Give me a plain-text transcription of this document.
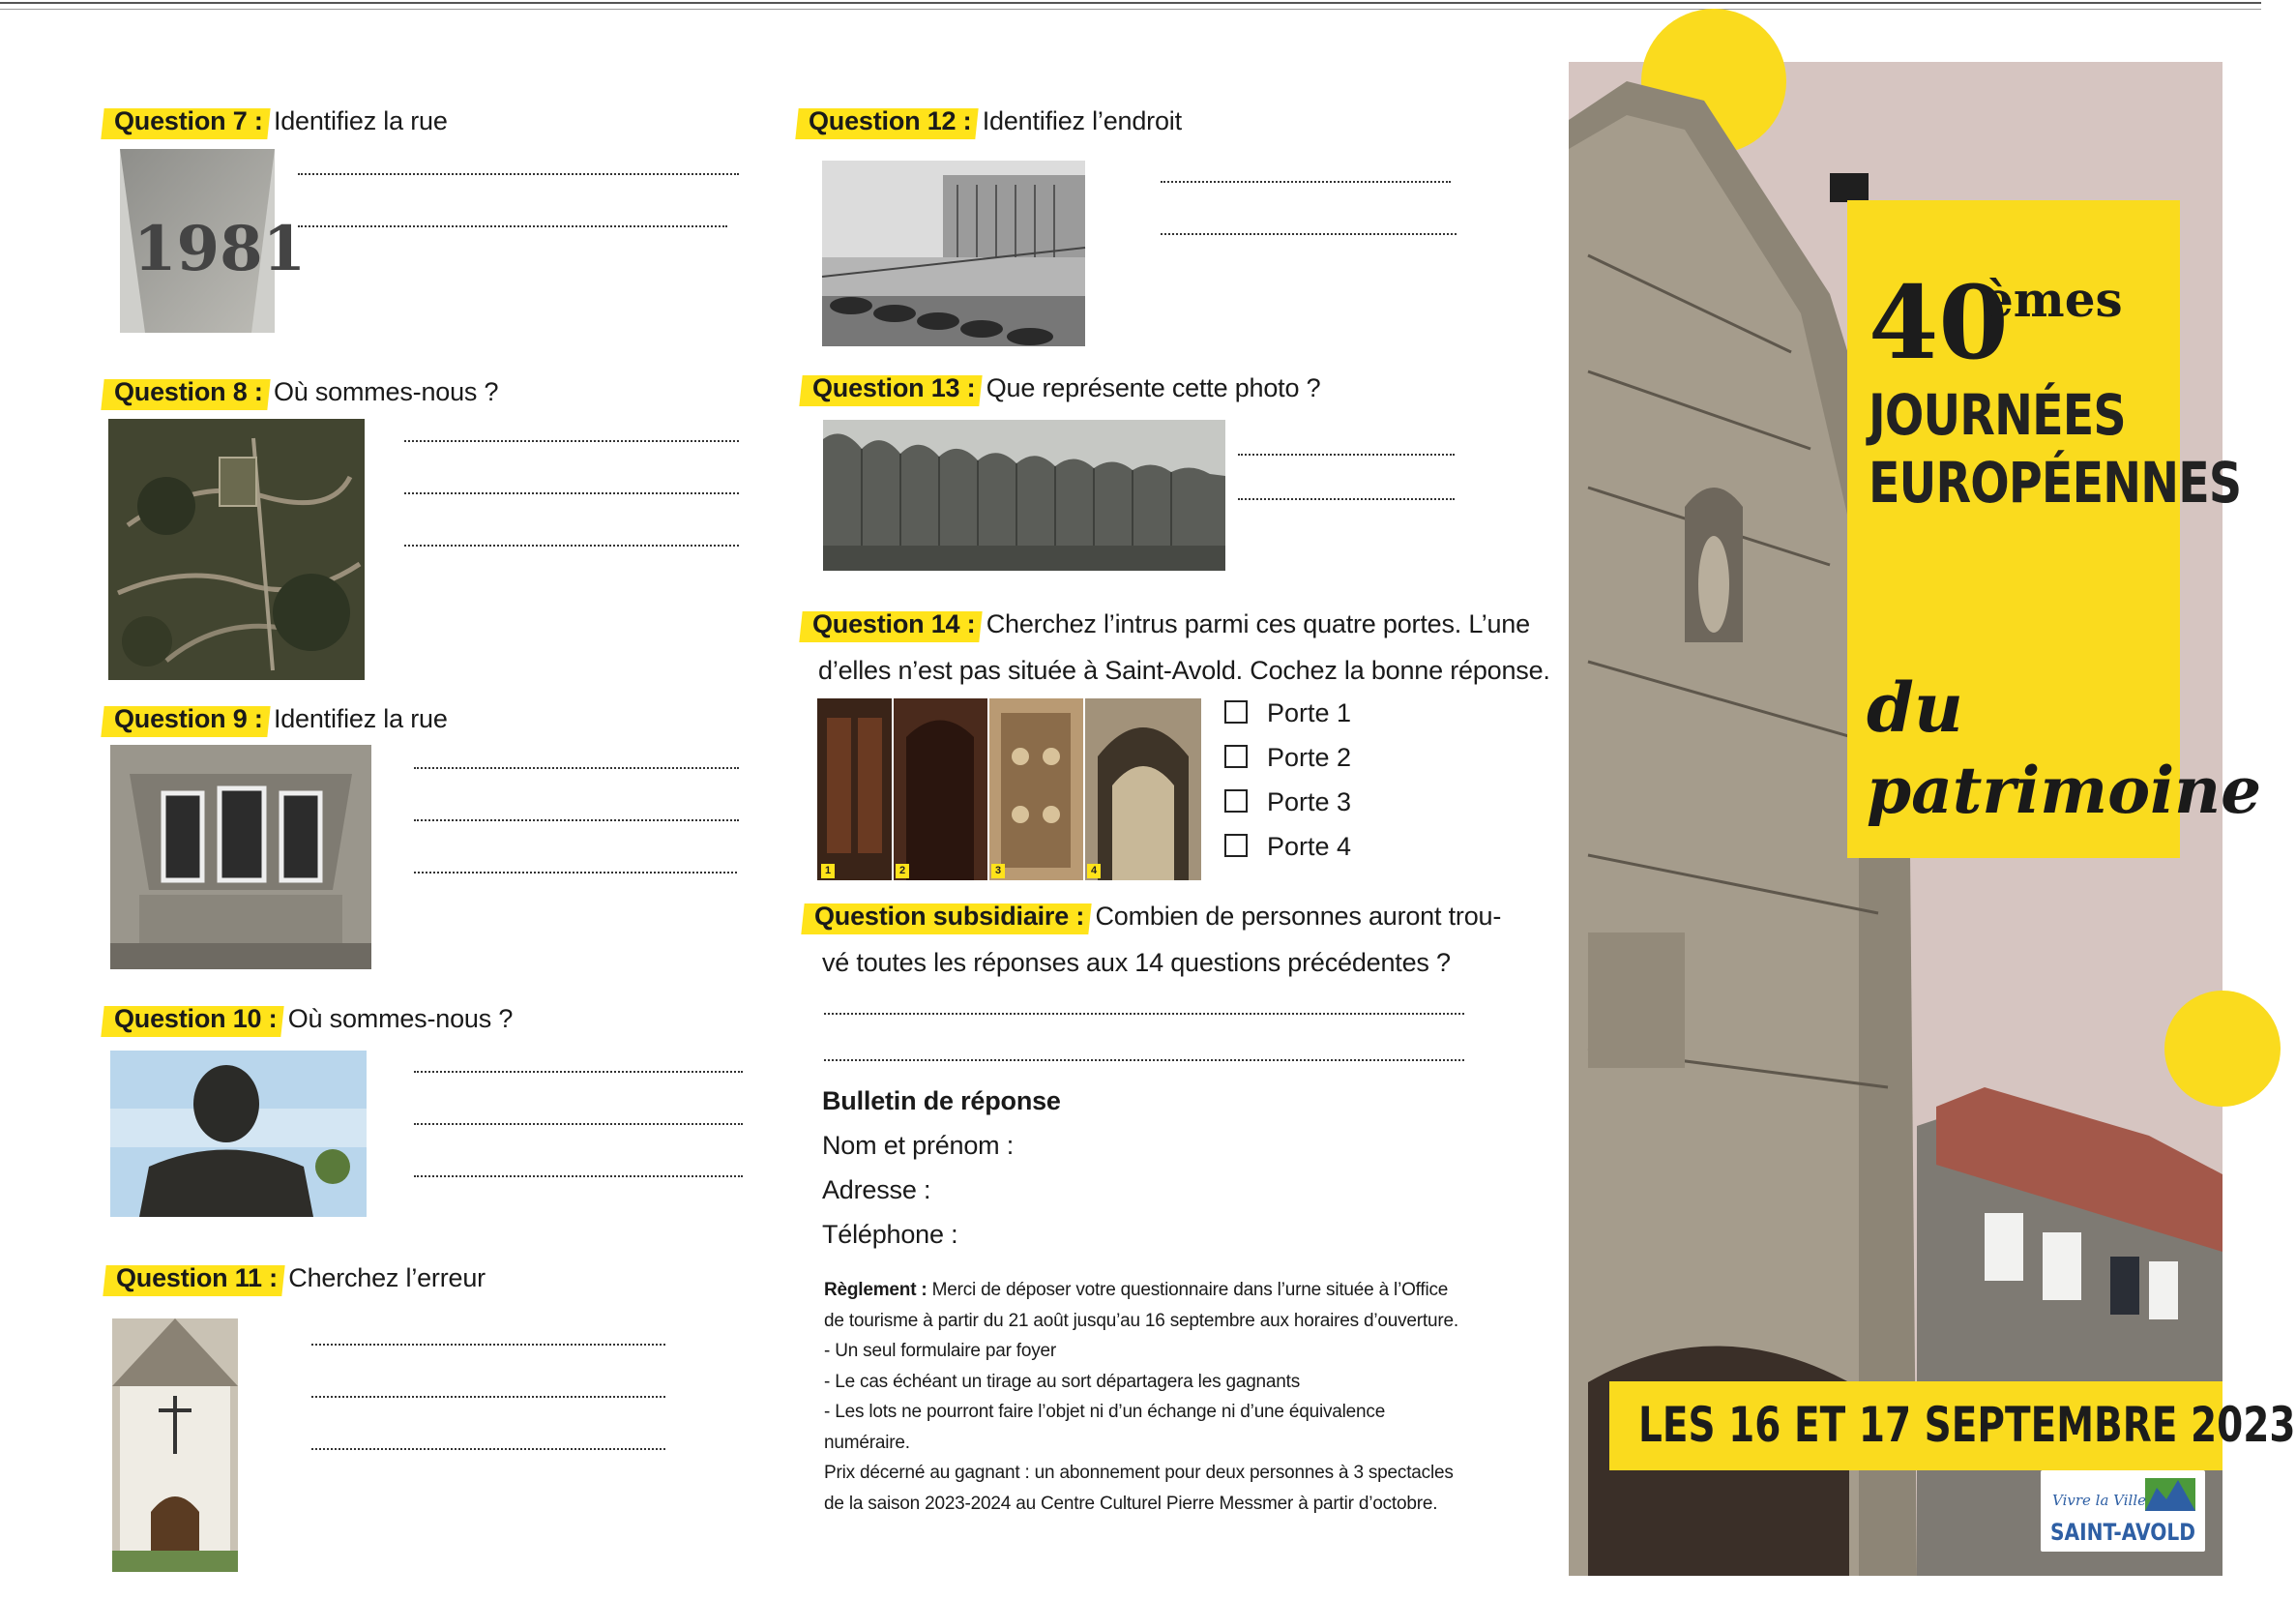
Question 7 : Identifiez la rue
1981
Question 8 : Où sommes-nous ?
Question 9 : Identifiez la rue
Question 10 : Où sommes-nous ?
Question 11 : Cherchez l’erreur
Question 12 : Identifiez l’endroit
Question 13 : Que représente cette photo ?
Question 14 : Cherchez l’intrus parmi ces quatre portes. L’une
d’elles n’est pas située à Saint-Avold. Cochez la bonne réponse.
1	2	3	4
Porte 1
Porte 2
Porte 3
Porte 4
Question subsidiaire : Combien de personnes auront trou-
vé toutes les réponses aux 14 questions précédentes ?
Bulletin de réponse
Nom et prénom :
Adresse :
Téléphone :
Règlement : Merci de déposer votre questionnaire dans l’urne située à l’Office
de tourisme à partir du 21 août jusqu’au 16 septembre aux horaires d’ouverture.
- Un seul formulaire par foyer
- Le cas échéant un tirage au sort départagera les gagnants
- Les lots ne pourront faire l’objet ni d’un échange ni d’une équivalence
numéraire.
Prix décerné au gagnant : un abonnement pour deux personnes à 3 spectacles
de la saison 2023-2024 au Centre Culturel Pierre Messmer à partir d’octobre.
40
èmes
JOURNÉES
EUROPÉENNES
du
patrimoine
LES 16 ET 17 SEPTEMBRE 2023
Vivre la Ville
SAINT-AVOLD
